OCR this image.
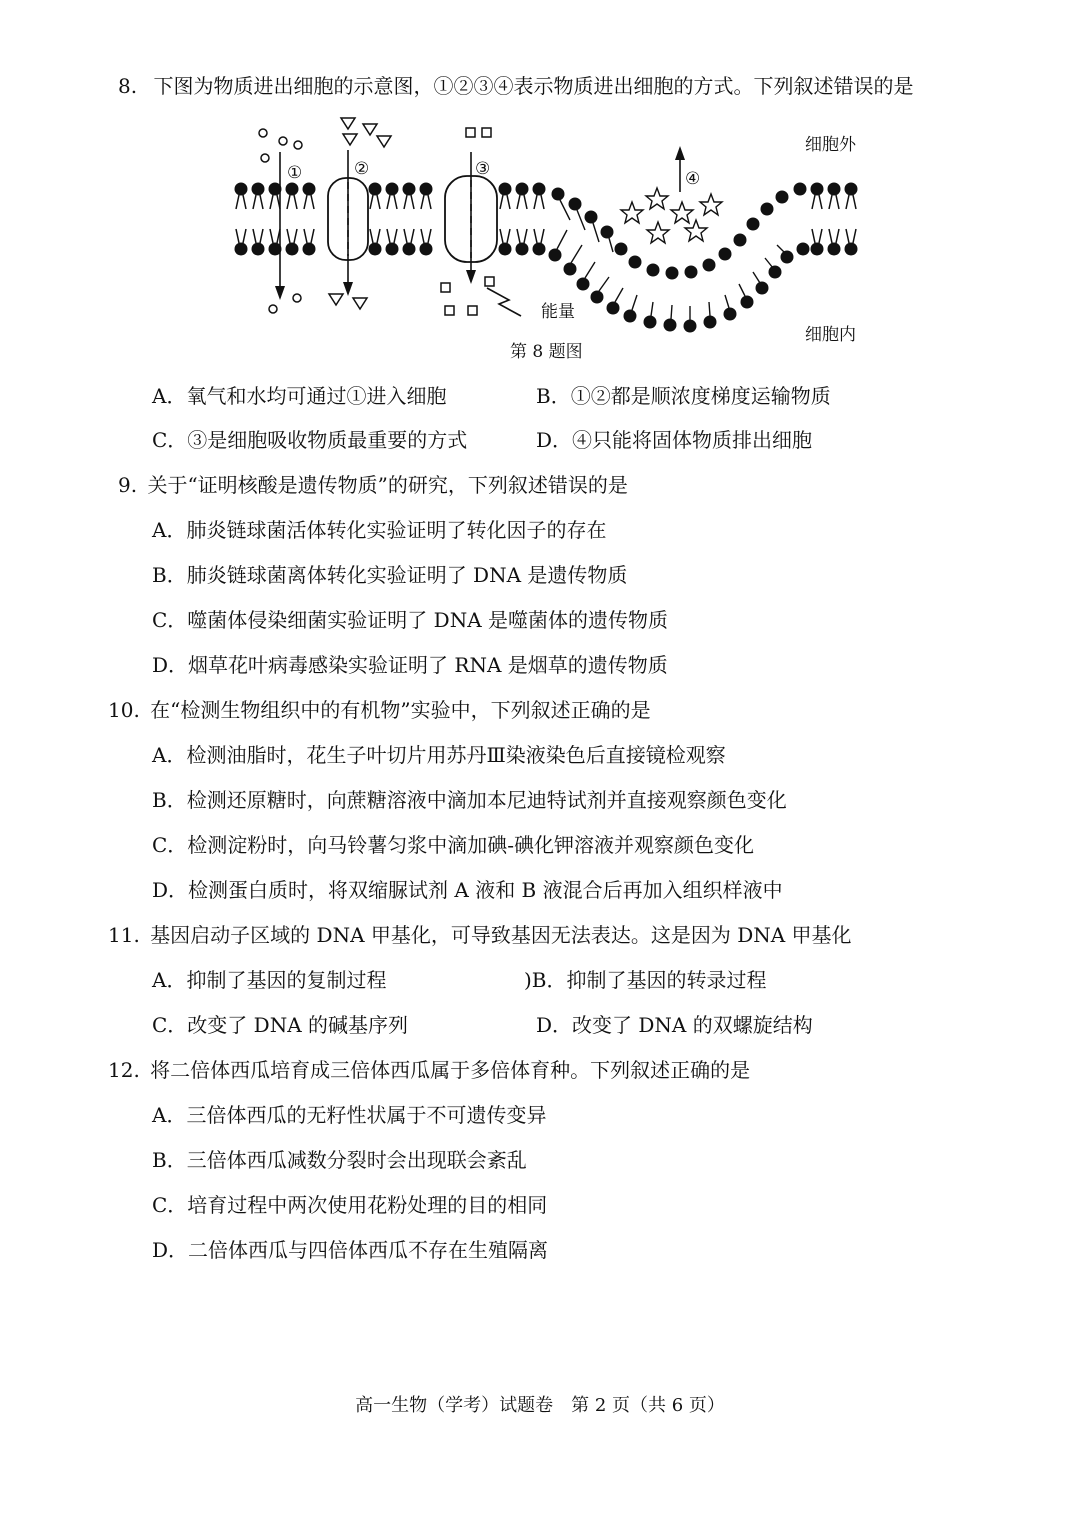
8. 下图为物质进出细胞的示意图，①②③④表示物质进出细胞的方式。下列叙述错误的是
①	②	③	④
能量
细胞外
细胞内
第 8 题图
A．氧气和水均可通过①进入细胞	B．①②都是顺浓度梯度运输物质
C．③是细胞吸收物质最重要的方式	D．④只能将固体物质排出细胞
9. 关于“证明核酸是遗传物质”的研究，下列叙述错误的是
A．肺炎链球菌活体转化实验证明了转化因子的存在
B．肺炎链球菌离体转化实验证明了 DNA 是遗传物质
C．噬菌体侵染细菌实验证明了 DNA 是噬菌体的遗传物质
D．烟草花叶病毒感染实验证明了 RNA 是烟草的遗传物质
10. 在“检测生物组织中的有机物”实验中，下列叙述正确的是
A．检测油脂时，花生子叶切片用苏丹Ⅲ染液染色后直接镜检观察
B．检测还原糖时，向蔗糖溶液中滴加本尼迪特试剂并直接观察颜色变化
C．检测淀粉时，向马铃薯匀浆中滴加碘-碘化钾溶液并观察颜色变化
D．检测蛋白质时，将双缩脲试剂 A 液和 B 液混合后再加入组织样液中
11. 基因启动子区域的 DNA 甲基化，可导致基因无法表达。这是因为 DNA 甲基化
A．抑制了基因的复制过程	)B．抑制了基因的转录过程
C．改变了 DNA 的碱基序列	D．改变了 DNA 的双螺旋结构
12. 将二倍体西瓜培育成三倍体西瓜属于多倍体育种。下列叙述正确的是
A．三倍体西瓜的无籽性状属于不可遗传变异
B．三倍体西瓜减数分裂时会出现联会紊乱
C．培育过程中两次使用花粉处理的目的相同
D．二倍体西瓜与四倍体西瓜不存在生殖隔离
高一生物（学考）试题卷　第 2 页（共 6 页）
